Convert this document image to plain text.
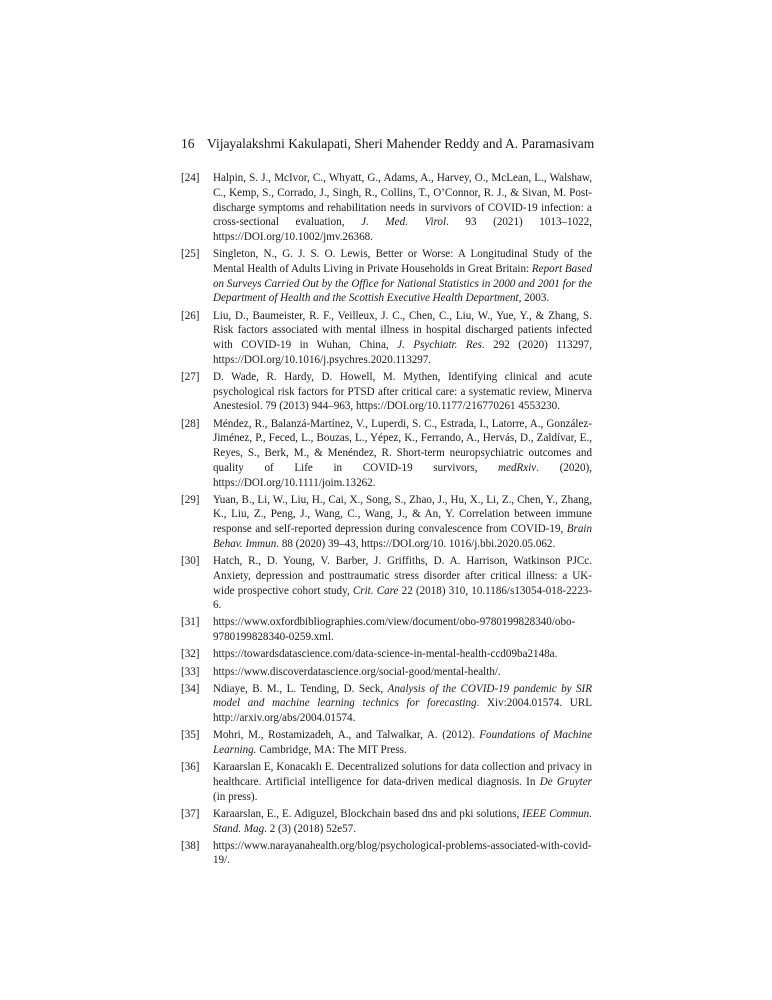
16 Vijayalakshmi Kakulapati, Sheri Mahender Reddy and A. Paramasivam
[24] Halpin, S. J., McIvor, C., Whyatt, G., Adams, A., Harvey, O., McLean, L., Walshaw, C., Kemp, S., Corrado, J., Singh, R., Collins, T., O’Connor, R. J., & Sivan, M. Post-discharge symptoms and rehabilitation needs in survivors of COVID-19 infection: a cross-sectional evaluation, J. Med. Virol. 93 (2021) 1013–1022, https://DOI.org/10.1002/jmv.26368.
[25] Singleton, N., G. J. S. O. Lewis, Better or Worse: A Longitudinal Study of the Mental Health of Adults Living in Private Households in Great Britain: Report Based on Surveys Carried Out by the Office for National Statistics in 2000 and 2001 for the Department of Health and the Scottish Executive Health Department, 2003.
[26] Liu, D., Baumeister, R. F., Veilleux, J. C., Chen, C., Liu, W., Yue, Y., & Zhang, S. Risk factors associated with mental illness in hospital discharged patients infected with COVID-19 in Wuhan, China, J. Psychiatr. Res. 292 (2020) 113297, https://DOI.org/10.1016/j.psychres.2020.113297.
[27] D. Wade, R. Hardy, D. Howell, M. Mythen, Identifying clinical and acute psychological risk factors for PTSD after critical care: a systematic review, Minerva Anestesiol. 79 (2013) 944–963, https://DOI.org/10.1177/216770261 4553230.
[28] Méndez, R., Balanzá-Martínez, V., Luperdi, S. C., Estrada, I., Latorre, A., González-Jiménez, P., Feced, L., Bouzas, L., Yépez, K., Ferrando, A., Hervás, D., Zaldívar, E., Reyes, S., Berk, M., & Menéndez, R. Short-term neuropsychiatric outcomes and quality of Life in COVID-19 survivors, medRxiv. (2020), https://DOI.org/10.1111/joim.13262.
[29] Yuan, B., Li, W., Liu, H., Cai, X., Song, S., Zhao, J., Hu, X., Li, Z., Chen, Y., Zhang, K., Liu, Z., Peng, J., Wang, C., Wang, J., & An, Y. Correlation between immune response and self-reported depression during convalescence from COVID-19, Brain Behav. Immun. 88 (2020) 39–43, https://DOI.org/10. 1016/j.bbi.2020.05.062.
[30] Hatch, R., D. Young, V. Barber, J. Griffiths, D. A. Harrison, Watkinson PJCc. Anxiety, depression and posttraumatic stress disorder after critical illness: a UK-wide prospective cohort study, Crit. Care 22 (2018) 310, 10.1186/s13054-018-2223-6.
[31] https://www.oxfordbibliographies.com/view/document/obo-9780199828340/obo-9780199828340-0259.xml.
[32] https://towardsdatascience.com/data-science-in-mental-health-ccd09ba2148a.
[33] https://www.discoverdatascience.org/social-good/mental-health/.
[34] Ndiaye, B. M., L. Tending, D. Seck, Analysis of the COVID-19 pandemic by SIR model and machine learning technics for forecasting. Xiv:2004.01574. URL http://arxiv.org/abs/2004.01574.
[35] Mohri, M., Rostamizadeh, A., and Talwalkar, A. (2012). Foundations of Machine Learning. Cambridge, MA: The MIT Press.
[36] Karaarslan E, Konacaklı E. Decentralized solutions for data collection and privacy in healthcare. Artificial intelligence for data-driven medical diagnosis. In De Gruyter (in press).
[37] Karaarslan, E., E. Adiguzel, Blockchain based dns and pki solutions, IEEE Commun. Stand. Mag. 2 (3) (2018) 52e57.
[38] https://www.narayanahealth.org/blog/psychological-problems-associated-with-covid-19/.
